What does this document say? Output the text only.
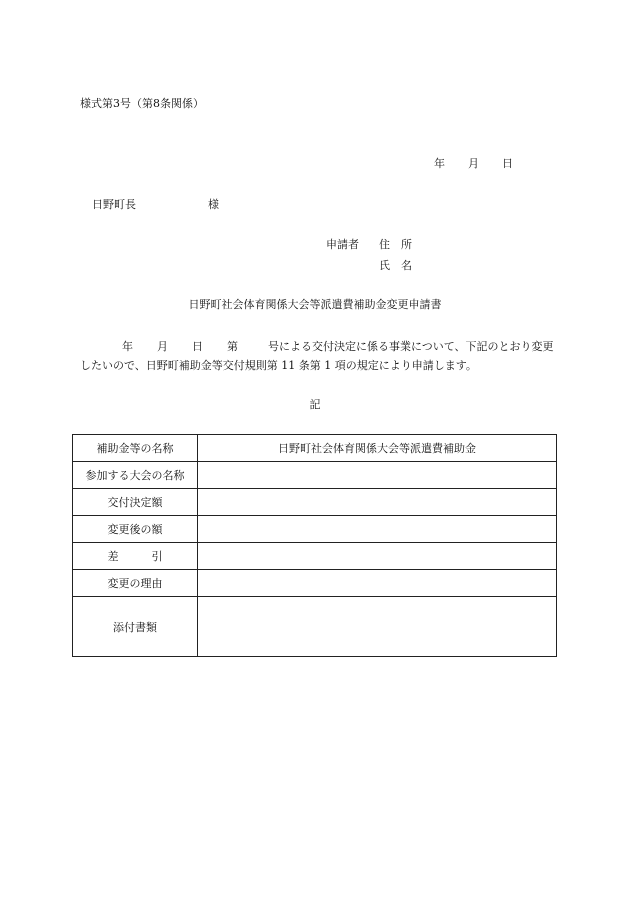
様式第3号（第8条関係）
年 月 日
日野町長	様
申請者 住　所
氏　名
日野町社会体育関係大会等派遣費補助金変更申請書
年 月 日 第	号による交付決定に係る事業について、下記のとおり変更したいので、日野町補助金等交付規則第 11 条第 1 項の規定により申請します。
記
補助金等の名称	日野町社会体育関係大会等派遣費補助金
参加する大会の名称	
交付決定額	
変更後の額	
差　　　引	
変更の理由	
添付書類	
